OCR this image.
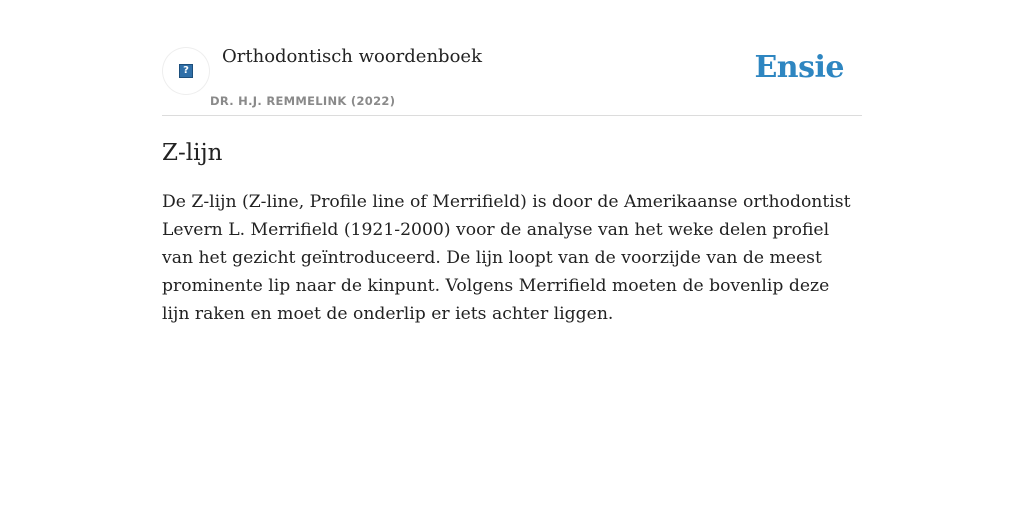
?
Orthodontisch woordenboek
DR. H.J. REMMELINK (2022)
Ensie
Z-lijn

De Z-lijn (Z-line, Profile line of Merrifield) is door de Amerikaanse orthodontist Levern L. Merrifield (1921-2000) voor de analyse van het weke delen profiel van het gezicht geïntroduceerd. De lijn loopt van de voorzijde van de meest prominente lip naar de kinpunt. Volgens Merrifield moeten de bovenlip deze lijn raken en moet de onderlip er iets achter liggen.
